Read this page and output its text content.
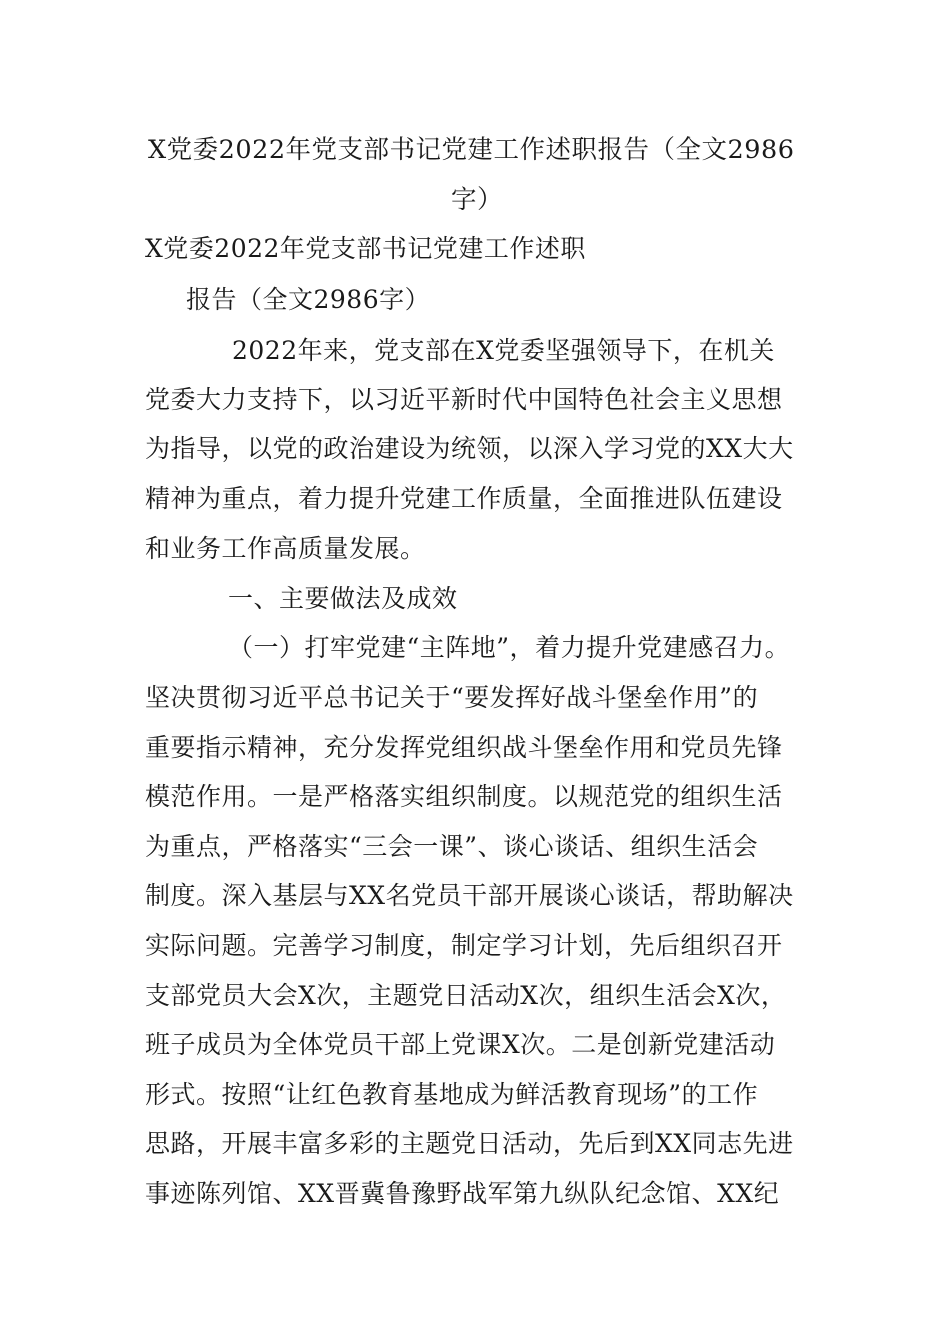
X党委2022年党支部书记党建工作述职报告（全文2986
字）
X党委2022年党支部书记党建工作述职
报告（全文2986字）
2022年来，党支部在X党委坚强领导下，在机关
党委大力支持下，以习近平新时代中国特色社会主义思想
为指导，以党的政治建设为统领，以深入学习党的XX大大
精神为重点，着力提升党建工作质量，全面推进队伍建设
和业务工作高质量发展。
一、主要做法及成效
（一）打牢党建“主阵地”，着力提升党建感召力。
坚决贯彻习近平总书记关于“要发挥好战斗堡垒作用”的
重要指示精神，充分发挥党组织战斗堡垒作用和党员先锋
模范作用。一是严格落实组织制度。以规范党的组织生活
为重点，严格落实“三会一课”、谈心谈话、组织生活会
制度。深入基层与XX名党员干部开展谈心谈话，帮助解决
实际问题。完善学习制度，制定学习计划，先后组织召开
支部党员大会X次，主题党日活动X次，组织生活会X次，
班子成员为全体党员干部上党课X次。二是创新党建活动
形式。按照“让红色教育基地成为鲜活教育现场”的工作
思路，开展丰富多彩的主题党日活动，先后到XX同志先进
事迹陈列馆、XX晋冀鲁豫野战军第九纵队纪念馆、XX纪
